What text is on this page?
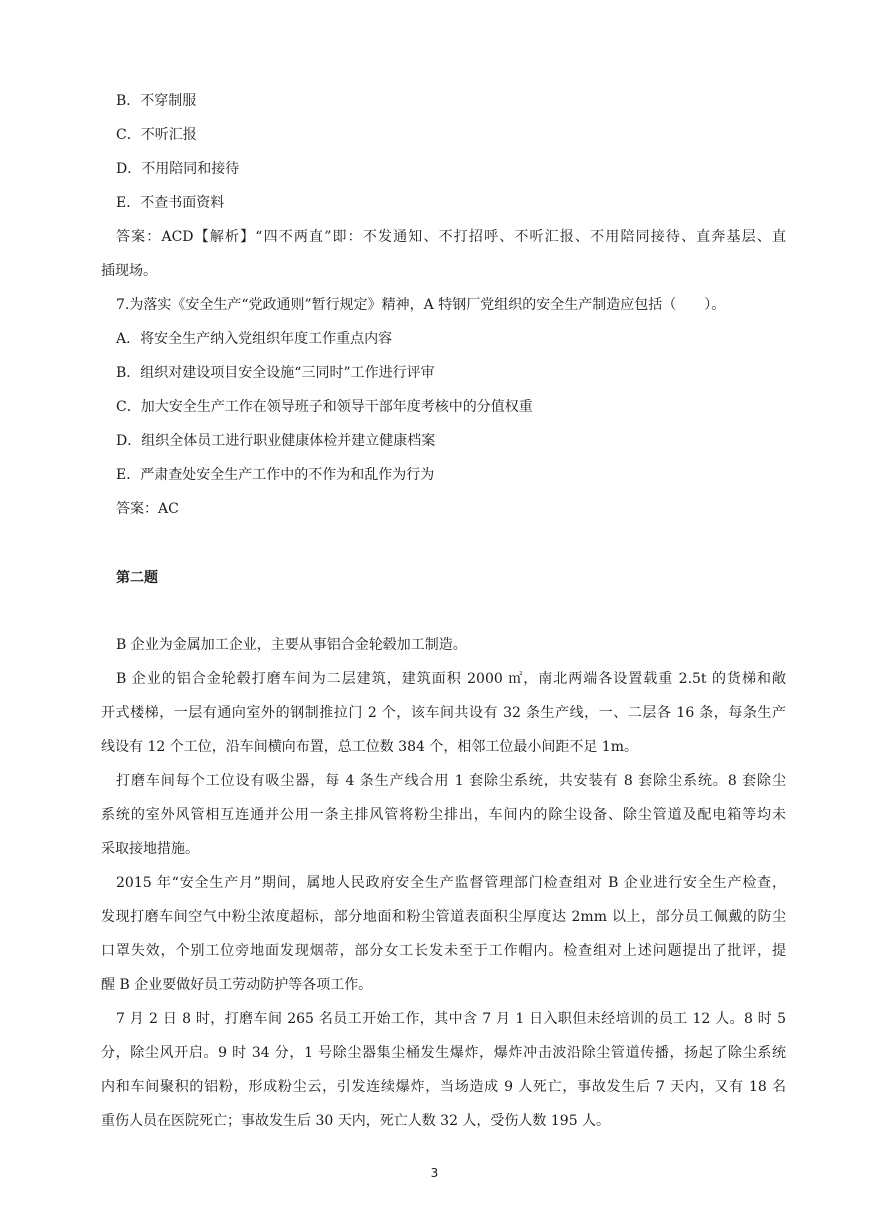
B．不穿制服
C．不听汇报
D．不用陪同和接待
E．不查书面资料
答案：ACD【解析】“四不两直”即：不发通知、不打招呼、不听汇报、不用陪同接待、直奔基层、直
插现场。
7.为落实《安全生产“党政通则”暂行规定》精神，A 特钢厂党组织的安全生产制造应包括（　　）。
A．将安全生产纳入党组织年度工作重点内容
B．组织对建设项目安全设施“三同时”工作进行评审
C．加大安全生产工作在领导班子和领导干部年度考核中的分值权重
D．组织全体员工进行职业健康体检并建立健康档案
E．严肃查处安全生产工作中的不作为和乱作为行为
答案：AC
第二题
B 企业为金属加工企业，主要从事铝合金轮毂加工制造。
B 企业的铝合金轮毂打磨车间为二层建筑，建筑面积 2000 ㎡，南北两端各设置载重 2.5t 的货梯和敞
开式楼梯，一层有通向室外的钢制推拉门 2 个，该车间共设有 32 条生产线，一、二层各 16 条，每条生产
线设有 12 个工位，沿车间横向布置，总工位数 384 个，相邻工位最小间距不足 1m。
打磨车间每个工位设有吸尘器，每 4 条生产线合用 1 套除尘系统，共安装有 8 套除尘系统。8 套除尘
系统的室外风管相互连通并公用一条主排风管将粉尘排出，车间内的除尘设备、除尘管道及配电箱等均未
采取接地措施。
2015 年“安全生产月”期间，属地人民政府安全生产监督管理部门检查组对 B 企业进行安全生产检查，
发现打磨车间空气中粉尘浓度超标，部分地面和粉尘管道表面积尘厚度达 2mm 以上，部分员工佩戴的防尘
口罩失效，个别工位旁地面发现烟蒂，部分女工长发未至于工作帽内。检查组对上述问题提出了批评，提
醒 B 企业要做好员工劳动防护等各项工作。
7 月 2 日 8 时，打磨车间 265 名员工开始工作，其中含 7 月 1 日入职但未经培训的员工 12 人。8 时 5
分，除尘风开启。9 时 34 分，1 号除尘器集尘桶发生爆炸，爆炸冲击波沿除尘管道传播，扬起了除尘系统
内和车间聚积的铝粉，形成粉尘云，引发连续爆炸，当场造成 9 人死亡，事故发生后 7 天内，又有 18 名
重伤人员在医院死亡；事故发生后 30 天内，死亡人数 32 人，受伤人数 195 人。
3
